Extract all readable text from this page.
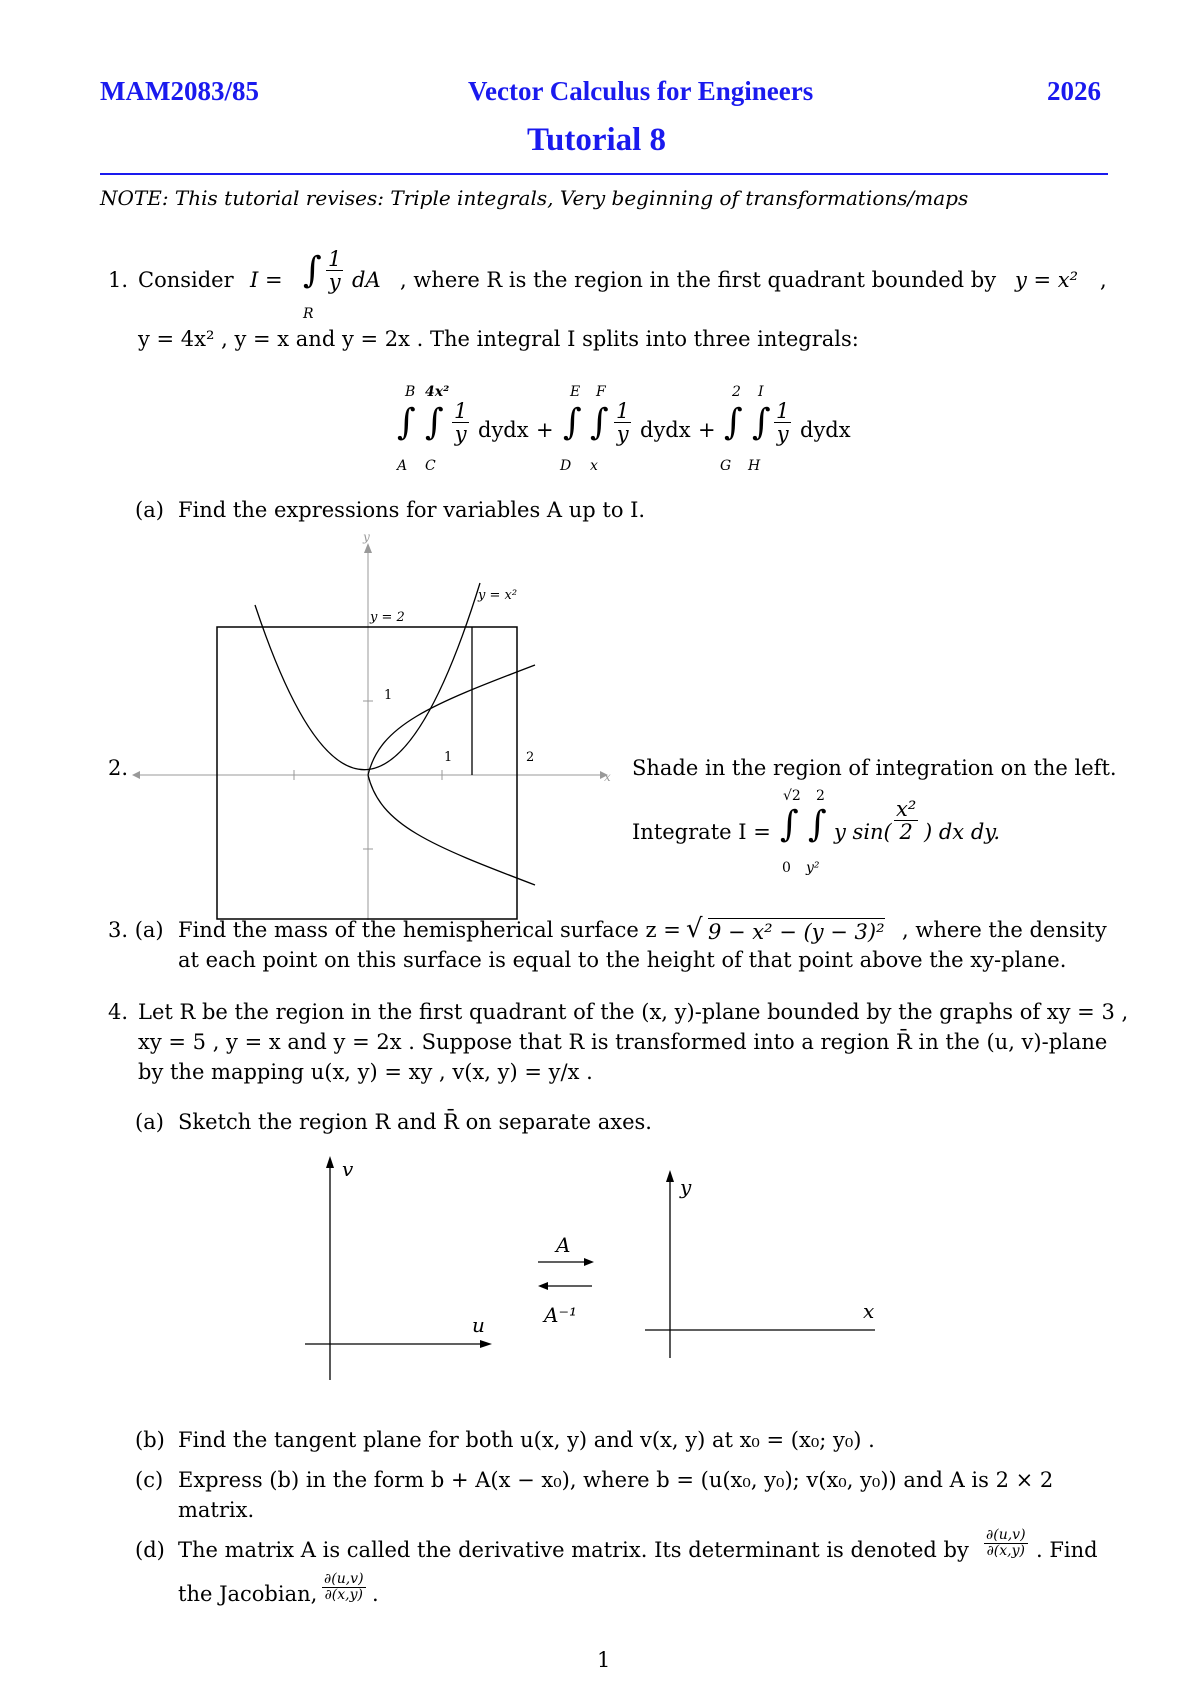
MAM2083/85	Vector Calculus for Engineers	2026
Tutorial 8
NOTE: This tutorial revises: Triple integrals, Very beginning of transformations/maps
1. Consider I = ∫
R
$\frac{1}{y}$ dA , where R is the region in the first quadrant bounded by y = x² ,
y = 4x² , y = x and y = 2x . The integral I splits into three integrals:
B 4x²
∫ ∫
A C
$\frac{1}{y}$ dydx +
E F
∫ ∫
D x
$\frac{1}{y}$ dydx +
2 I
∫ ∫
G H
$\frac{1}{y}$ dydx
(a) Find the expressions for variables A up to I.
2.	x
y
y = 2
y = x²
1
1	2	Shade in the region of integration on the left.
√2 2
Integrate I = ∫ ∫
0 y²
y $\sin( \frac{\text{x²}}{2}$ ) dx dy.
3. (a) Find the mass of the hemispherical surface z = √ 9 − x² − (y − 3)² , where the density
at each point on this surface is equal to the height of that point above the xy-plane.
4. Let R be the region in the first quadrant of the (x, y)-plane bounded by the graphs of xy = 3 ,
xy = 5 , y = x and y = 2x . Suppose that R is transformed into a region R̄ in the (u, v)-plane
by the mapping u(x, y) = xy , v(x, y) = y/x .
(a) Sketch the region R and R̄ on separate axes.
v
u
A
A⁻¹
y
x
(b) Find the tangent plane for both u(x, y) and v(x, y) at x₀ = (x₀; y₀) .
(c) Express (b) in the form b + A(x − x₀), where b = (u(x₀, y₀); v(x₀, y₀)) and A is 2 × 2
matrix.
(d) The matrix A is called the derivative matrix. Its determinant is denoted by $\frac{\partial(u,v)}{\partial(x,y)}$ . Find
the Jacobian, $\frac{\partial(u,v)}{\partial(x,y)}$ .
1
